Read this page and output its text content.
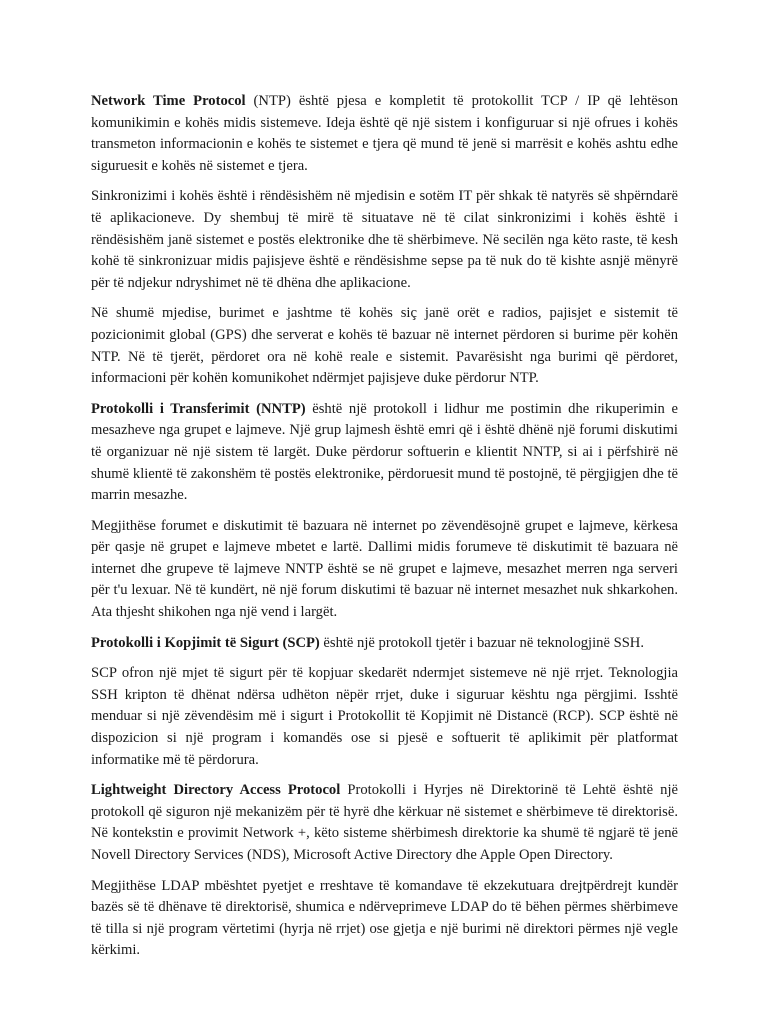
Network Time Protocol (NTP) është pjesa e kompletit të protokollit TCP / IP që lehtëson komunikimin e kohës midis sistemeve. Ideja është që një sistem i konfiguruar si një ofrues i kohës transmeton informacionin e kohës te sistemet e tjera që mund të jenë si marrësit e kohës ashtu edhe siguruesit e kohës në sistemet e tjera.

Sinkronizimi i kohës është i rëndësishëm në mjedisin e sotëm IT për shkak të natyrës së shpërndarë të aplikacioneve. Dy shembuj të mirë të situatave në të cilat sinkronizimi i kohës është i rëndësishëm janë sistemet e postës elektronike dhe të shërbimeve. Në secilën nga këto raste, të kesh kohë të sinkronizuar midis pajisjeve është e rëndësishme sepse pa të nuk do të kishte asnjë mënyrë për të ndjekur ndryshimet në të dhëna dhe aplikacione.

Në shumë mjedise, burimet e jashtme të kohës siç janë orët e radios, pajisjet e sistemit të pozicionimit global (GPS) dhe serverat e kohës të bazuar në internet përdoren si burime për kohën NTP. Në të tjerët, përdoret ora në kohë reale e sistemit. Pavarësisht nga burimi që përdoret, informacioni për kohën komunikohet ndërmjet pajisjeve duke përdorur NTP.

Protokolli i Transferimit (NNTP) është një protokoll i lidhur me postimin dhe rikuperimin e mesazheve nga grupet e lajmeve. Një grup lajmesh është emri që i është dhënë një forumi diskutimi të organizuar në një sistem të largët. Duke përdorur softuerin e klientit NNTP, si ai i përfshirë në shumë klientë të zakonshëm të postës elektronike, përdoruesit mund të postojnë, të përgjigjen dhe të marrin mesazhe.

Megjithëse forumet e diskutimit të bazuara në internet po zëvendësojnë grupet e lajmeve, kërkesa për qasje në grupet e lajmeve mbetet e lartë. Dallimi midis forumeve të diskutimit të bazuara në internet dhe grupeve të lajmeve NNTP është se në grupet e lajmeve, mesazhet merren nga serveri për t'u lexuar. Në të kundërt, në një forum diskutimi të bazuar në internet mesazhet nuk shkarkohen. Ata thjesht shikohen nga një vend i largët.

Protokolli i Kopjimit të Sigurt (SCP) është një protokoll tjetër i bazuar në teknologjinë SSH.

SCP ofron një mjet të sigurt për të kopjuar skedarët ndermjet sistemeve në një rrjet. Teknologjia SSH kripton të dhënat ndërsa udhëton nëpër rrjet, duke i siguruar kështu nga përgjimi. Isshtë menduar si një zëvendësim më i sigurt i Protokollit të Kopjimit në Distancë (RCP). SCP është në dispozicion si një program i komandës ose si pjesë e softuerit të aplikimit për platformat informatike më të përdorura.

Lightweight Directory Access Protocol Protokolli i Hyrjes në Direktorinë të Lehtë është një protokoll që siguron një mekanizëm për të hyrë dhe kërkuar në sistemet e shërbimeve të direktorisë. Në kontekstin e provimit Network +, këto sisteme shërbimesh direktorie ka shumë të ngjarë të jenë Novell Directory Services (NDS), Microsoft Active Directory dhe Apple Open Directory.

Megjithëse LDAP mbështet pyetjet e rreshtave të komandave të ekzekutuara drejtpërdrejt kundër bazës së të dhënave të direktorisë, shumica e ndërveprimeve LDAP do të bëhen përmes shërbimeve të tilla si një program vërtetimi (hyrja në rrjet) ose gjetja e një burimi në direktori përmes një vegle kërkimi.
